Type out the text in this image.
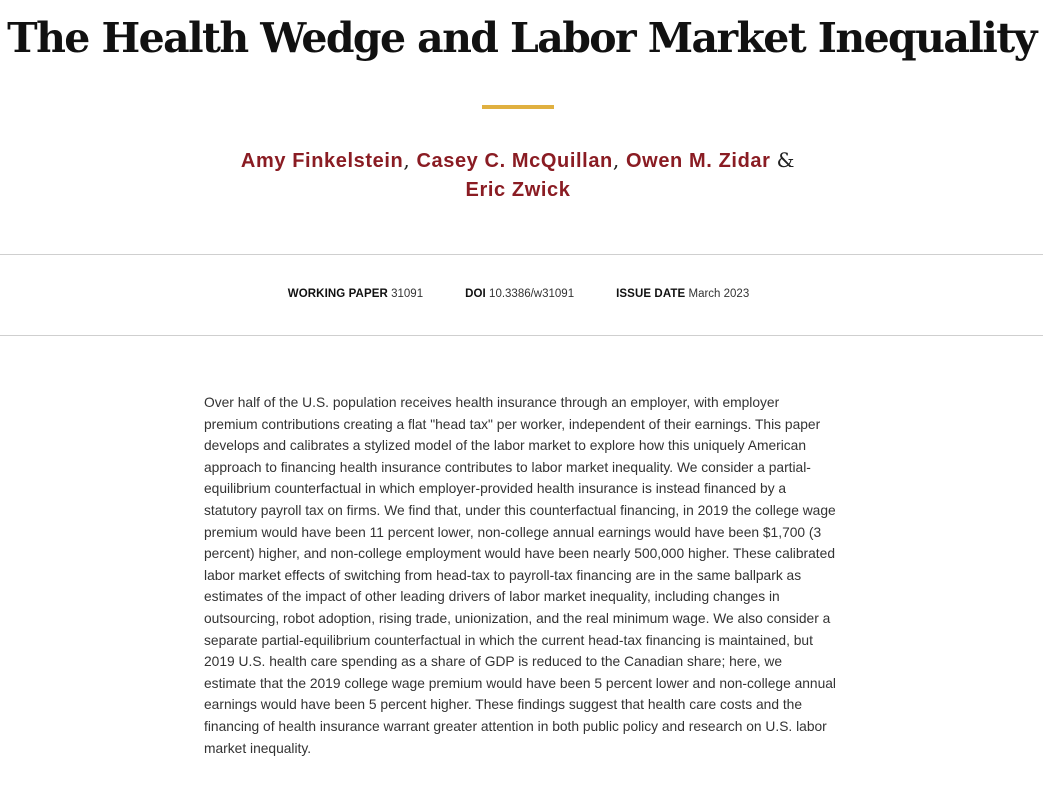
The Health Wedge and Labor Market Inequality
Amy Finkelstein, Casey C. McQuillan, Owen M. Zidar &
Eric Zwick
WORKING PAPER 31091	DOI 10.3386/w31091	ISSUE DATE March 2023

Over half of the U.S. population receives health insurance through an employer, with employer premium contributions creating a flat "head tax" per worker, independent of their earnings. This paper develops and calibrates a stylized model of the labor market to explore how this uniquely American approach to financing health insurance contributes to labor market inequality. We consider a partial-equilibrium counterfactual in which employer-provided health insurance is instead financed by a statutory payroll tax on firms. We find that, under this counterfactual financing, in 2019 the college wage premium would have been 11 percent lower, non-college annual earnings would have been $1,700 (3 percent) higher, and non-college employment would have been nearly 500,000 higher. These calibrated labor market effects of switching from head-tax to payroll-tax financing are in the same ballpark as estimates of the impact of other leading drivers of labor market inequality, including changes in outsourcing, robot adoption, rising trade, unionization, and the real minimum wage. We also consider a separate partial-equilibrium counterfactual in which the current head-tax financing is maintained, but 2019 U.S. health care spending as a share of GDP is reduced to the Canadian share; here, we estimate that the 2019 college wage premium would have been 5 percent lower and non-college annual earnings would have been 5 percent higher. These findings suggest that health care costs and the financing of health insurance warrant greater attention in both public policy and research on U.S. labor market inequality.
